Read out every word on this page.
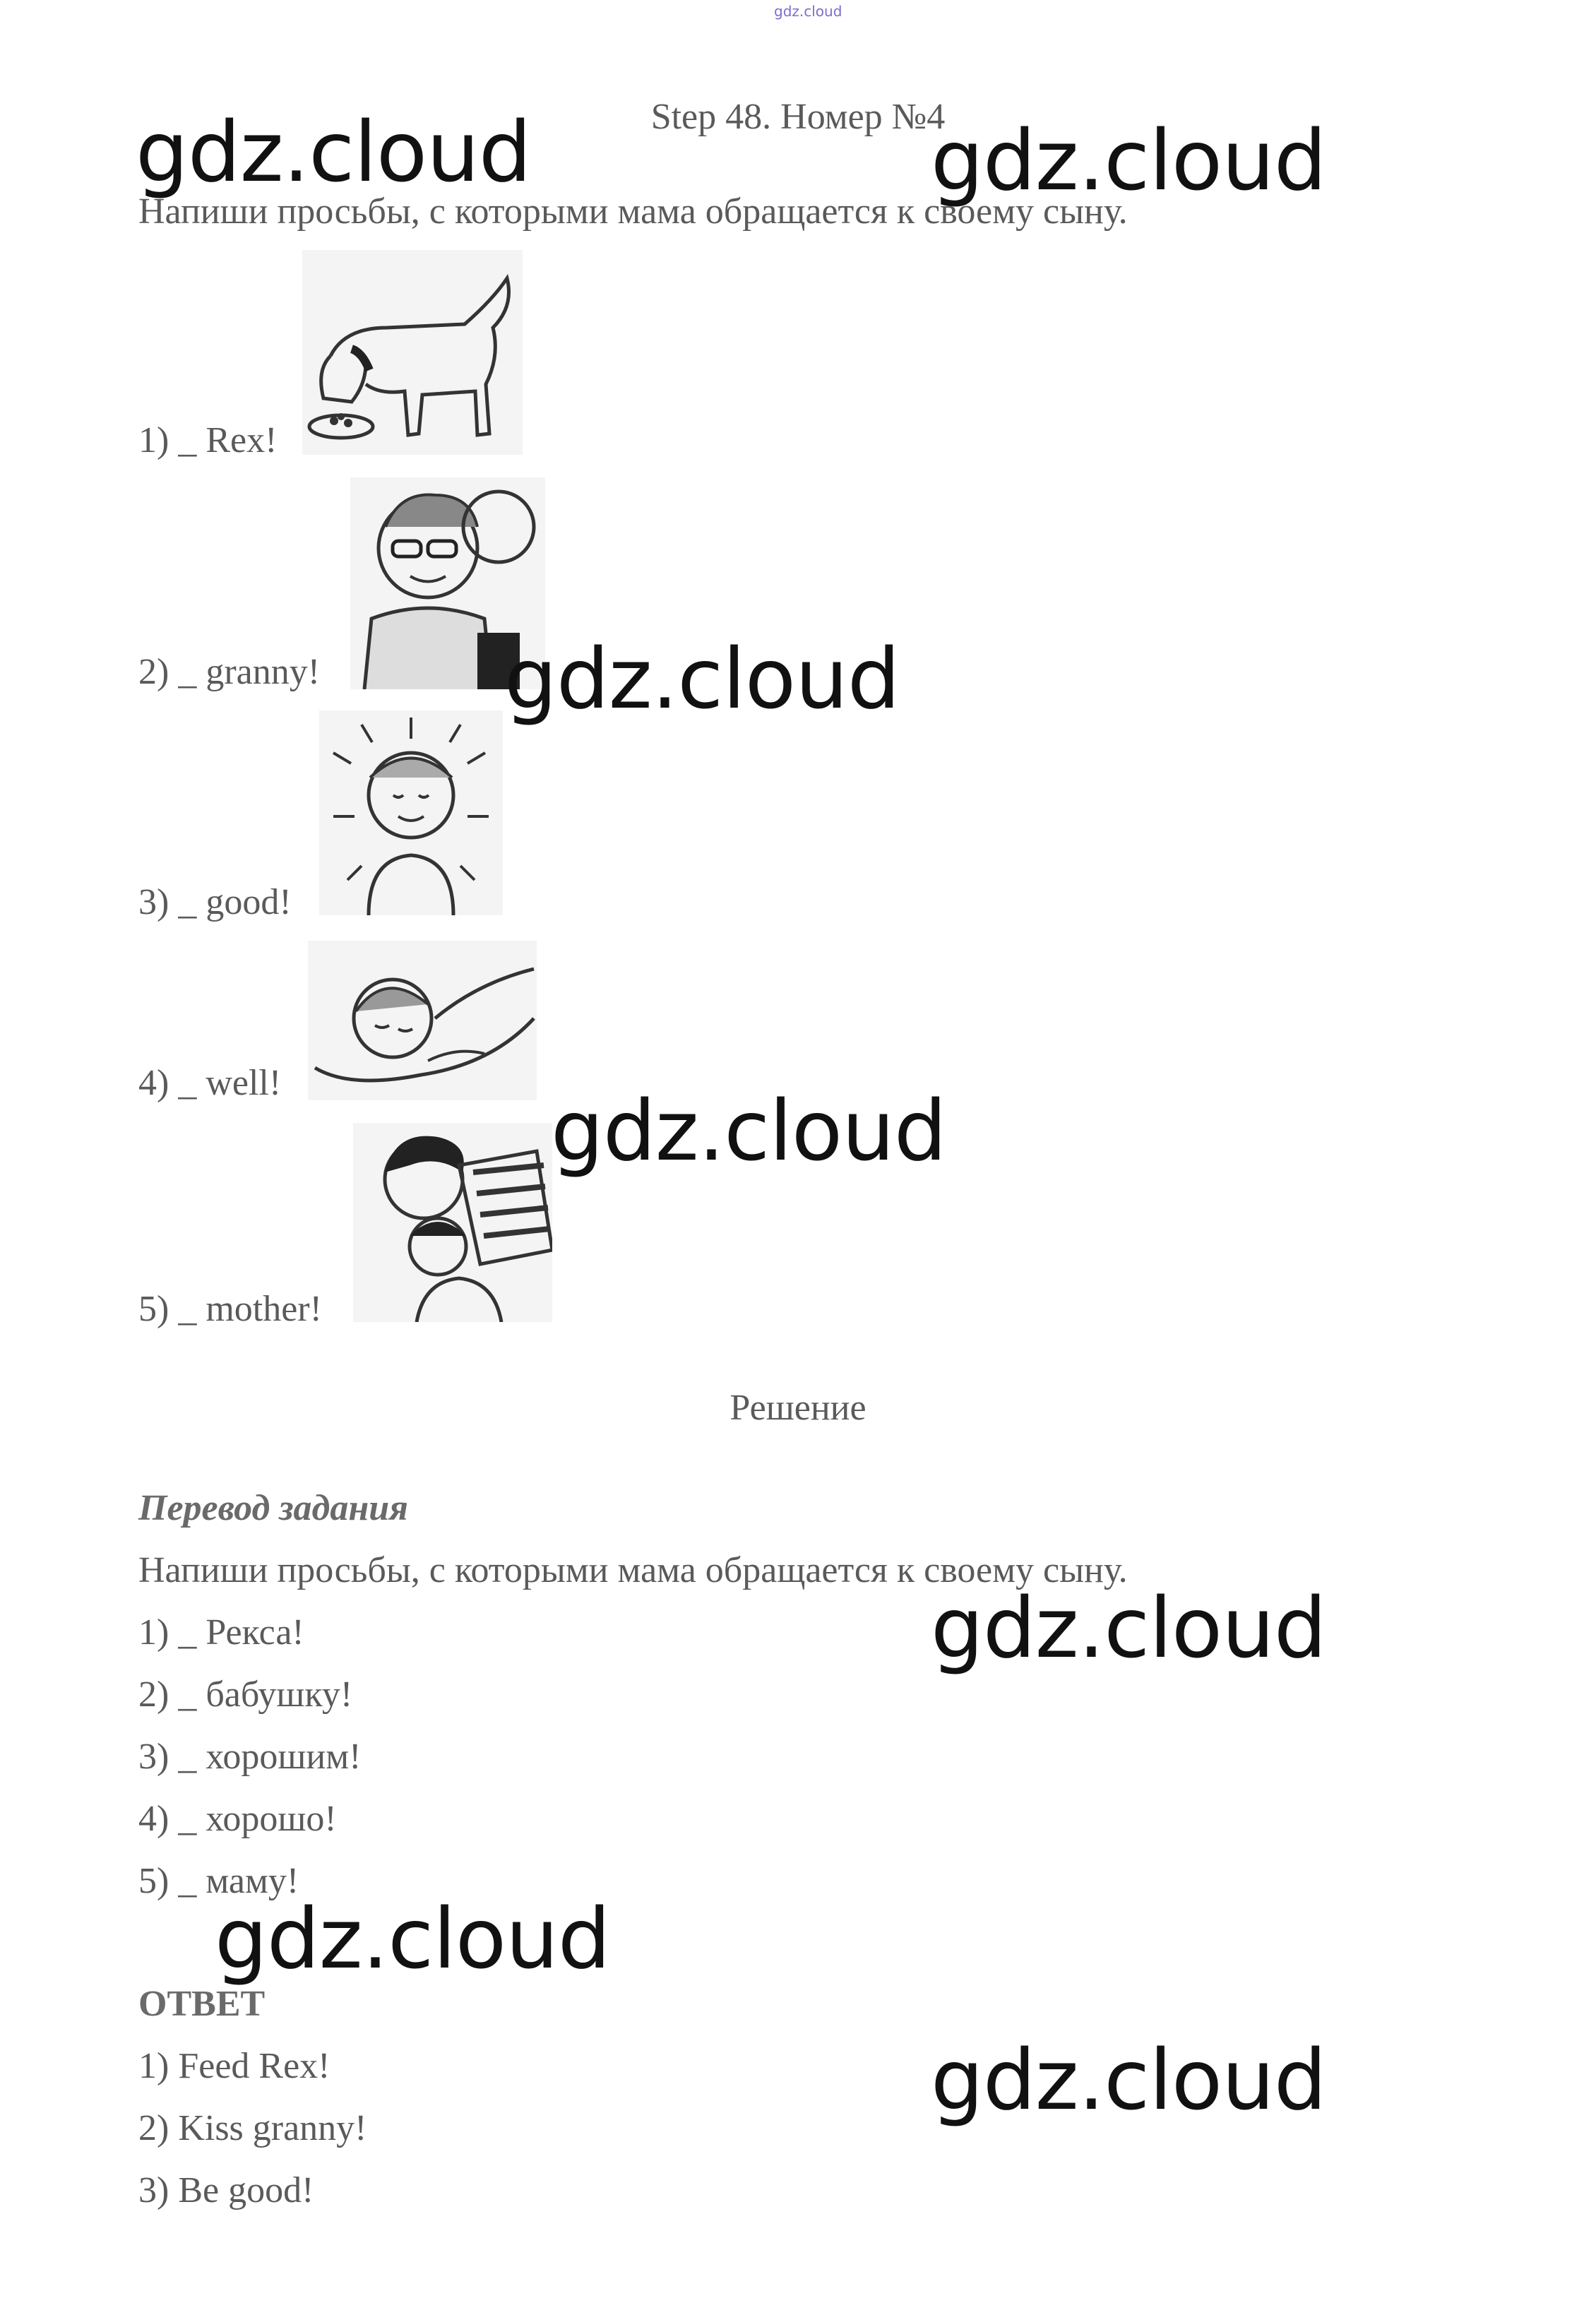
gdz.cloud
Step 48. Номер №4
Напиши просьбы, с которыми мама обращается к своему сыну.
1) _ Rex!
2) _ granny!
3) _ good!
4) _ well!
5) _ mother!
Решение
Перевод задания
Напиши просьбы, с которыми мама обращается к своему сыну.
1) _ Рекса!
2) _ бабушку!
3) _ хорошим!
4) _ хорошо!
5) _ маму!
ОТВЕТ
1) Feed Rex!
2) Kiss granny!
3) Be good!
gdz.cloud	gdz.cloud
gdz.cloud
gdz.cloud
gdz.cloud
gdz.cloud
gdz.cloud
